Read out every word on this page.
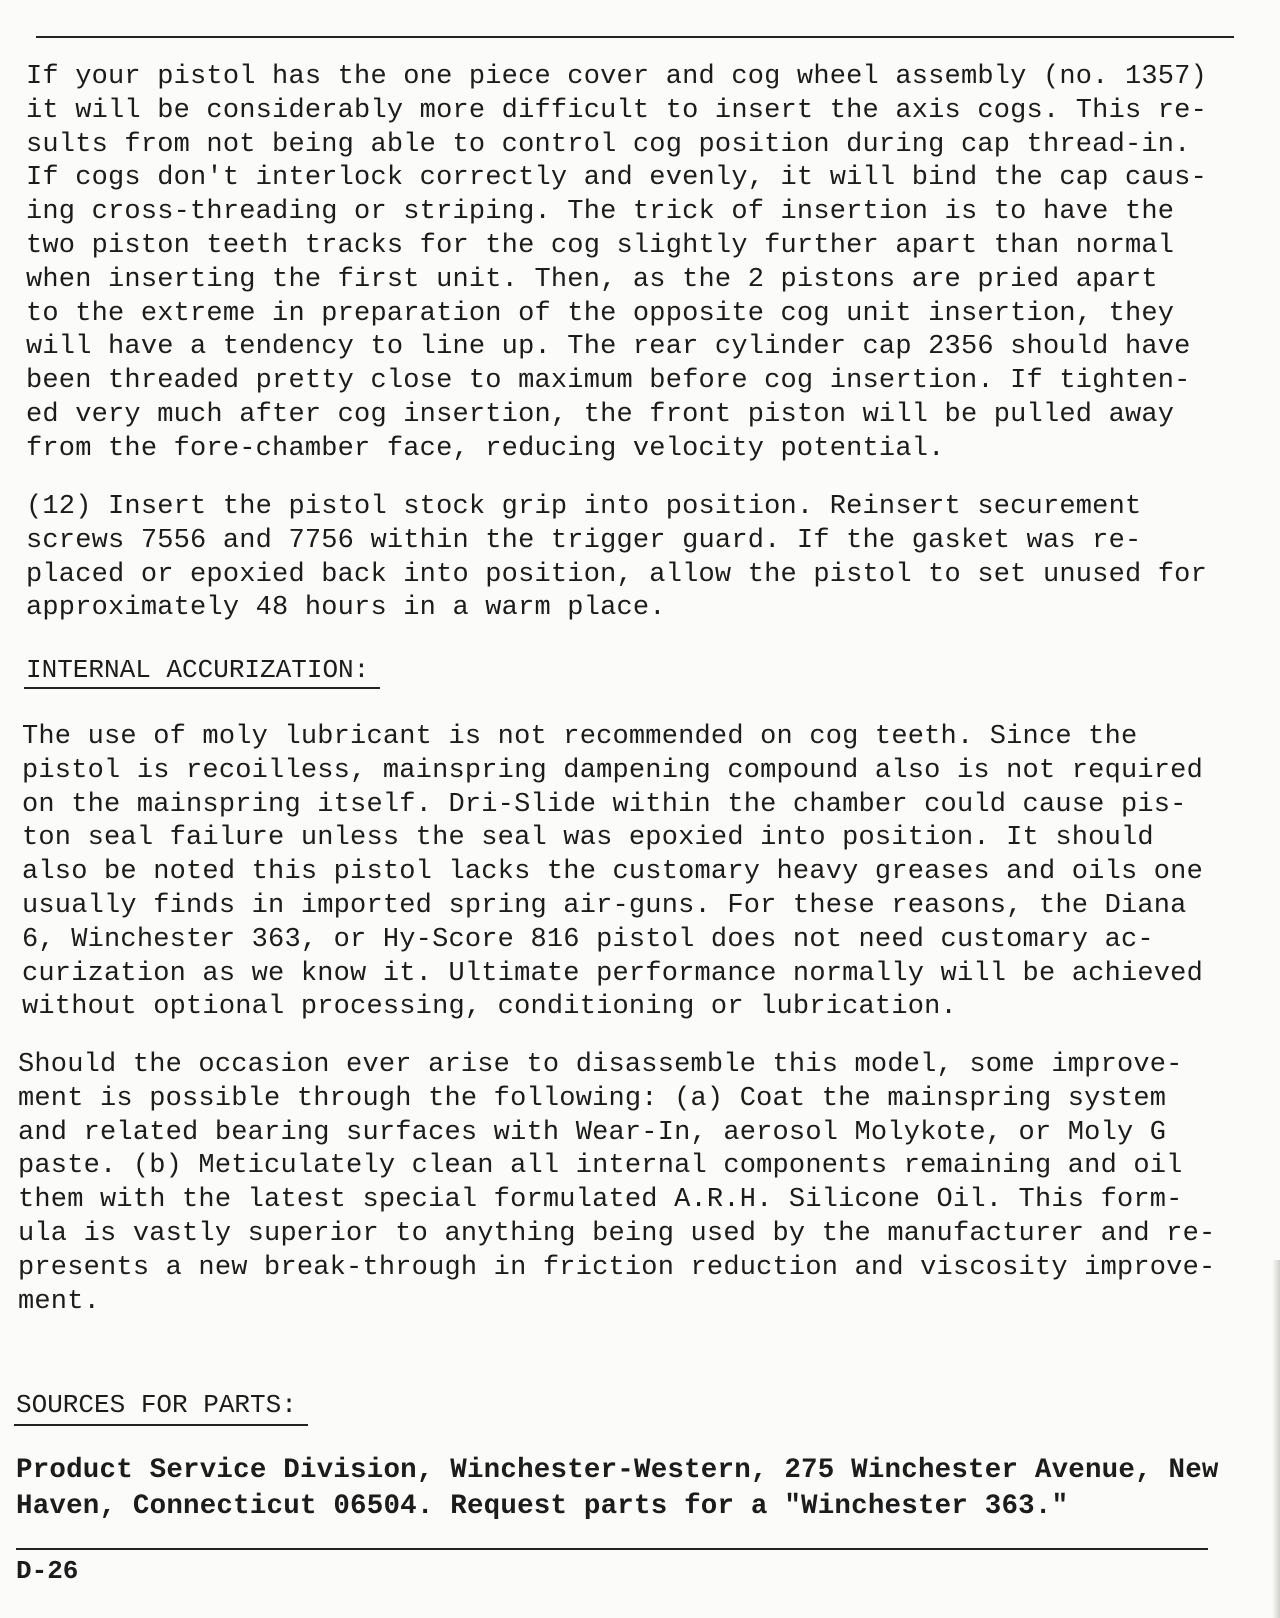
If your pistol has the one piece cover and cog wheel assembly (no. 1357)
it will be considerably more difficult to insert the axis cogs. This re-
sults from not being able to control cog position during cap thread-in.
If cogs don't interlock correctly and evenly, it will bind the cap caus-
ing cross-threading or striping. The trick of insertion is to have the
two piston teeth tracks for the cog slightly further apart than normal
when inserting the first unit. Then, as the 2 pistons are pried apart
to the extreme in preparation of the opposite cog unit insertion, they
will have a tendency to line up. The rear cylinder cap 2356 should have
been threaded pretty close to maximum before cog insertion. If tighten-
ed very much after cog insertion, the front piston will be pulled away
from the fore-chamber face, reducing velocity potential.
(12) Insert the pistol stock grip into position. Reinsert securement
screws 7556 and 7756 within the trigger guard. If the gasket was re-
placed or epoxied back into position, allow the pistol to set unused for
approximately 48 hours in a warm place.

INTERNAL ACCURIZATION:

The use of moly lubricant is not recommended on cog teeth. Since the
pistol is recoilless, mainspring dampening compound also is not required
on the mainspring itself. Dri-Slide within the chamber could cause pis-
ton seal failure unless the seal was epoxied into position. It should
also be noted this pistol lacks the customary heavy greases and oils one
usually finds in imported spring air-guns. For these reasons, the Diana
6, Winchester 363, or Hy-Score 816 pistol does not need customary ac-
curization as we know it. Ultimate performance normally will be achieved
without optional processing, conditioning or lubrication.
Should the occasion ever arise to disassemble this model, some improve-
ment is possible through the following: (a) Coat the mainspring system
and related bearing surfaces with Wear-In, aerosol Molykote, or Moly G
paste. (b) Meticulately clean all internal components remaining and oil
them with the latest special formulated A.R.H. Silicone Oil. This form-
ula is vastly superior to anything being used by the manufacturer and re-
presents a new break-through in friction reduction and viscosity improve-
ment.

SOURCES FOR PARTS:

Product Service Division, Winchester-Western, 275 Winchester Avenue, New
Haven, Connecticut 06504. Request parts for a "Winchester 363."

D-26
